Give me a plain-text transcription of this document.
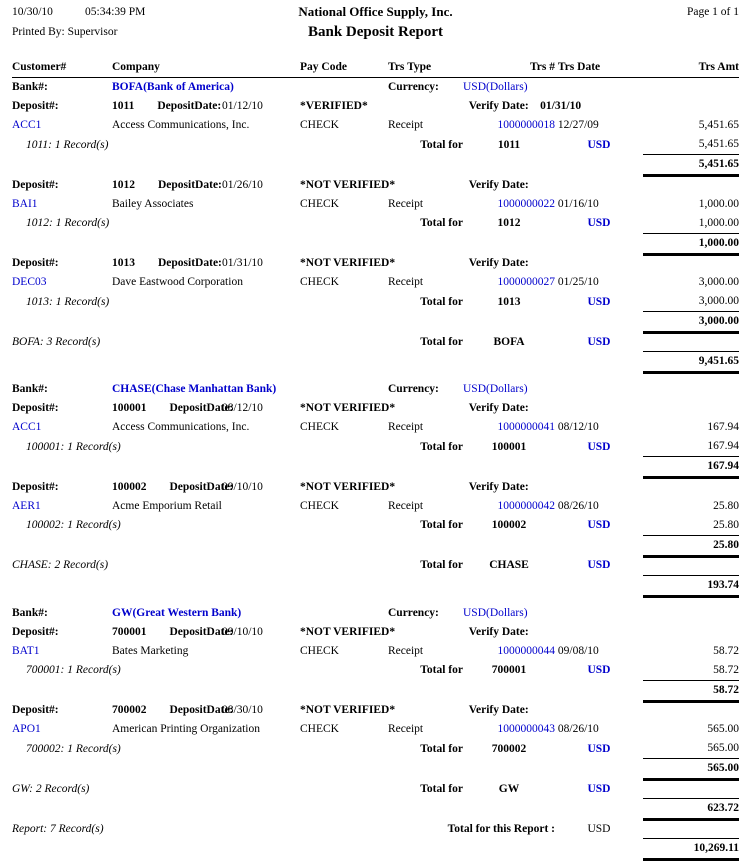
10/30/10	05:34:39 PM	National Office Supply, Inc.	Page 1 of 1
Printed By: Supervisor	Bank Deposit Report
Customer#	Company		Pay Code	Trs Type	Trs #	Trs Date	Trs Amt
Bank#:	BOFA(Bank of America)			Currency:	USD(Dollars)		
Deposit#:	1011        DepositDate:	01/12/10	*VERIFIED*		Verify Date:    01/31/10		
ACC1	Access Communications, Inc.		CHECK	Receipt	1000000018	12/27/09	5,451.65
1011: 1 Record(s)				Total for	1011	USD	5,451.65
							5,451.65
Deposit#:	1012        DepositDate:	01/26/10	*NOT VERIFIED*		Verify Date:		
BAI1	Bailey Associates		CHECK	Receipt	1000000022	01/16/10	1,000.00
1012: 1 Record(s)				Total for	1012	USD	1,000.00
							1,000.00
Deposit#:	1013        DepositDate:	01/31/10	*NOT VERIFIED*		Verify Date:		
DEC03	Dave Eastwood Corporation		CHECK	Receipt	1000000027	01/25/10	3,000.00
1013: 1 Record(s)				Total for	1013	USD	3,000.00
							3,000.00
BOFA: 3 Record(s)				Total for	BOFA	USD	
							9,451.65
Bank#:	CHASE(Chase Manhattan Bank)			Currency:	USD(Dollars)		
Deposit#:	100001        DepositDate:	08/12/10	*NOT VERIFIED*		Verify Date:		
ACC1	Access Communications, Inc.		CHECK	Receipt	1000000041	08/12/10	167.94
100001: 1 Record(s)				Total for	100001	USD	167.94
							167.94
Deposit#:	100002        DepositDate:	09/10/10	*NOT VERIFIED*		Verify Date:		
AER1	Acme Emporium Retail		CHECK	Receipt	1000000042	08/26/10	25.80
100002: 1 Record(s)				Total for	100002	USD	25.80
							25.80
CHASE: 2 Record(s)				Total for	CHASE	USD	
							193.74
Bank#:	GW(Great Western Bank)			Currency:	USD(Dollars)		
Deposit#:	700001        DepositDate:	09/10/10	*NOT VERIFIED*		Verify Date:		
BAT1	Bates Marketing		CHECK	Receipt	1000000044	09/08/10	58.72
700001: 1 Record(s)				Total for	700001	USD	58.72
							58.72
Deposit#:	700002        DepositDate:	08/30/10	*NOT VERIFIED*		Verify Date:		
APO1	American Printing Organization		CHECK	Receipt	1000000043	08/26/10	565.00
700002: 1 Record(s)				Total for	700002	USD	565.00
							565.00
GW: 2 Record(s)				Total for	GW	USD	
							623.72
Report: 7 Record(s)				Total for this Report :		USD	
							10,269.11
